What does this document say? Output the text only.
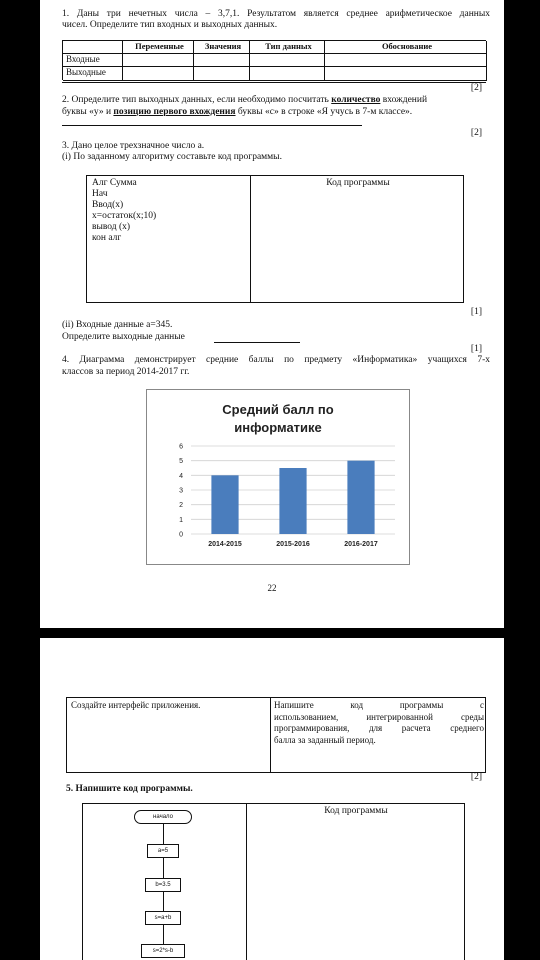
1. Даны три нечетных числа – 3,7,1. Результатом является среднее арифметическое данных
чисел. Определите тип входных и выходных данных.
Переменные	Значения	Тип данных	Обоснование
Входные
Выходные
[2]
2. Определите тип выходных данных, если необходимо посчитать количество вхождений
буквы «у» и позицию первого вхождения буквы «с» в строке «Я учусь в 7-м классе».
[2]
3. Дано целое трехзначное число a.
(i) По заданному алгоритму составьте код программы.
Алг Сумма
Нач
Ввод(x)
x=остаток(x;10)
вывод (x)
кон алг
Код программы
[1]
(ii) Входные данные a=345.
Определите выходные данные
[1]
4. Диаграмма демонстрирует средние баллы по предмету «Информатика» учащихся 7-х
классов за период 2014-2017 гг.
Средний балл по
информатике
0
1
2
3
4
5
6
2014-2015	2015-2016	2016-2017
22
Создайте интерфейс приложения.	Напишите код программы с
использованием, интегрированной среды
программирования, для расчета среднего
балла за заданный период.
[2]
5. Напишите код программы.
Код программы
начало
a=5
b=3.5
s=a+b
s=2*s-b
